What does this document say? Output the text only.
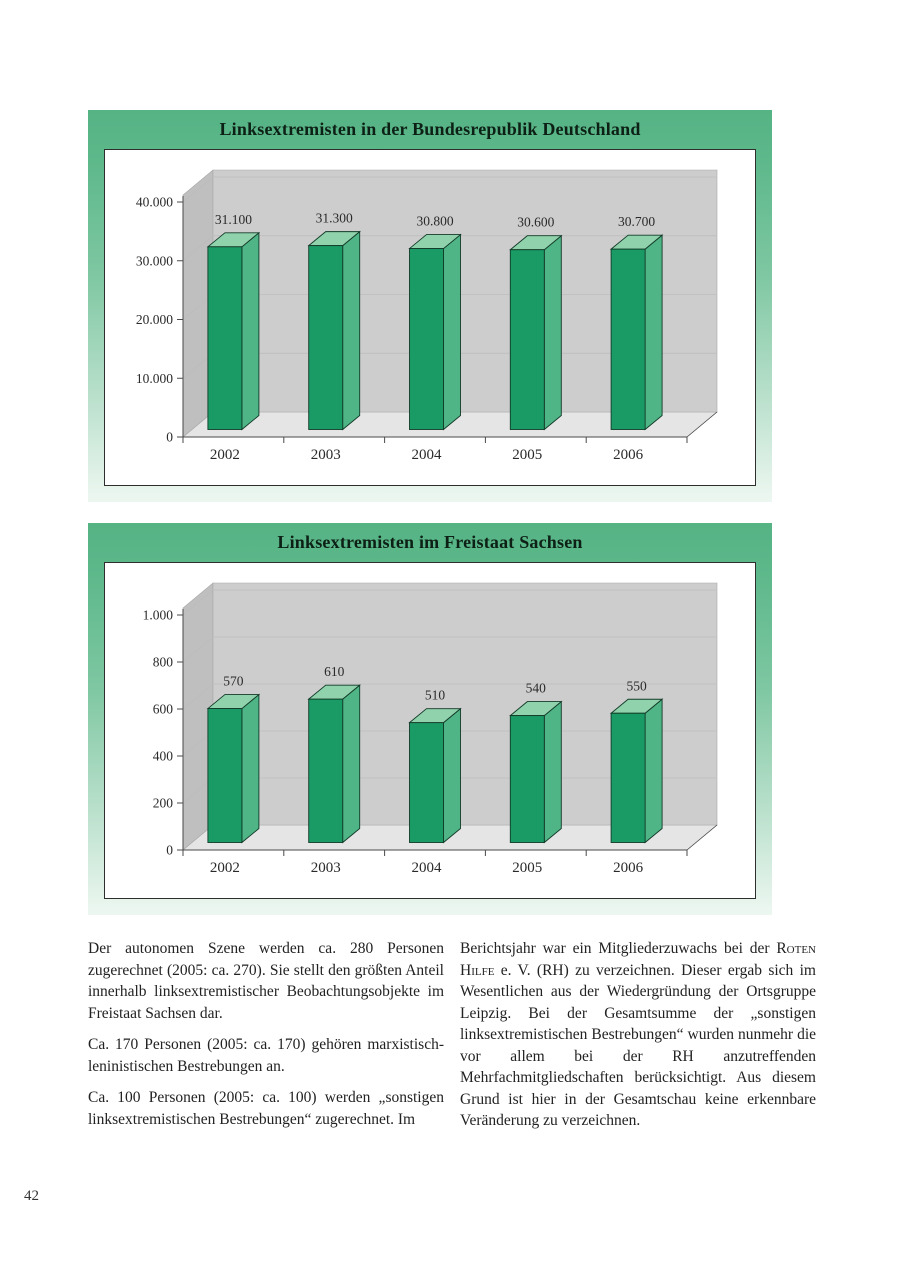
Linksextremisten in der Bundesrepublik Deutschland
0
10.000
20.000
30.000
40.000
31.100
2002
31.300
2003
30.800
2004
30.600
2005
30.700
2006
Linksextremisten im Freistaat Sachsen
0
200
400
600
800
1.000
570
2002
610
2003
510
2004
540
2005
550
2006

Der autonomen Szene werden ca. 280 Personen zugerechnet (2005: ca. 270). Sie stellt den größten Anteil innerhalb linksextremistischer Beobachtungsobjekte im Freistaat Sachsen dar.

Ca. 170 Personen (2005: ca. 170) gehören marxistisch-leninistischen Bestrebungen an.

Ca. 100 Personen (2005: ca. 100) werden „sonstigen linksextremistischen Bestrebungen“ zugerechnet. Im

Berichtsjahr war ein Mitgliederzuwachs bei der Roten Hilfe e. V. (RH) zu verzeichnen. Dieser ergab sich im Wesentlichen aus der Wiedergründung der Ortsgruppe Leipzig. Bei der Gesamtsumme der „sonstigen linksextremistischen Bestrebungen“ wurden nunmehr die vor allem bei der RH anzutreffenden Mehrfachmitgliedschaften berücksichtigt. Aus diesem Grund ist hier in der Gesamtschau keine erkennbare Veränderung zu verzeichnen.

42
